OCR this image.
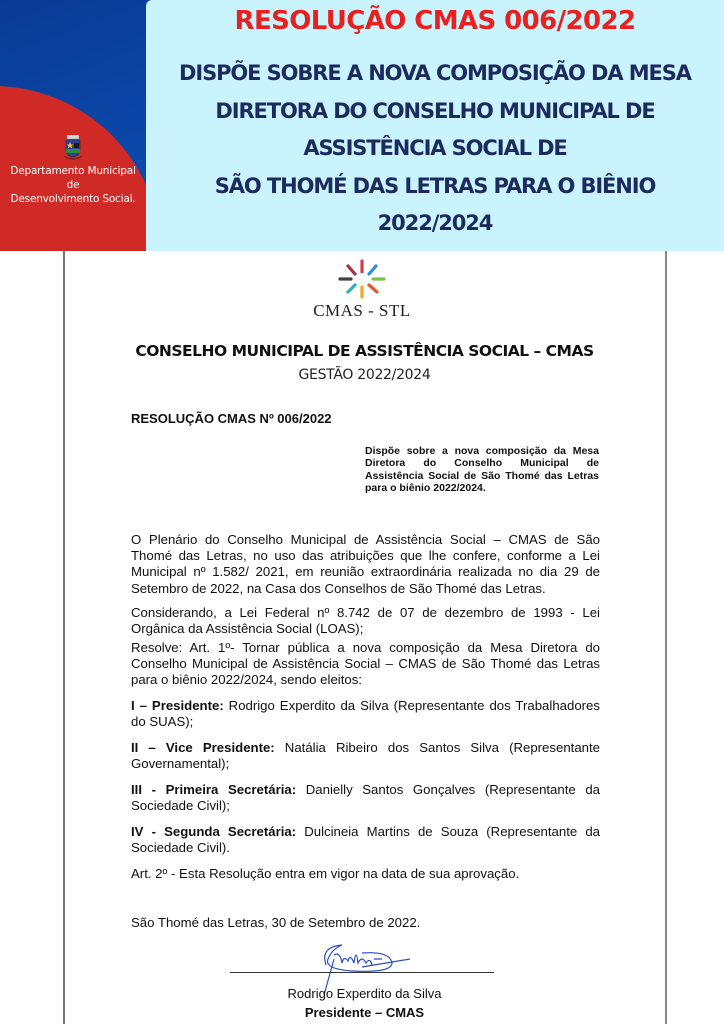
Departamento Municipal
de
Desenvolvimento Social.
RESOLUÇÃO CMAS 006/2022
DISPÕE SOBRE A NOVA COMPOSIÇÃO DA MESA
DIRETORA DO CONSELHO MUNICIPAL DE
ASSISTÊNCIA SOCIAL DE
SÃO THOMÉ DAS LETRAS PARA O BIÊNIO
2022/2024
CMAS - STL
CONSELHO MUNICIPAL DE ASSISTÊNCIA SOCIAL – CMAS
GESTÃO 2022/2024
RESOLUÇÃO CMAS Nº 006/2022
Dispõe sobre a nova composição da Mesa Diretora do Conselho Municipal de Assistência Social de São Thomé das Letras para o biênio 2022/2024.
O Plenário do Conselho Municipal de Assistência Social – CMAS de São Thomé das Letras, no uso das atribuições que lhe confere, conforme a Lei Municipal nº 1.582/ 2021, em reunião extraordinária realizada no dia 29 de Setembro de 2022, na Casa dos Conselhos de São Thomé das Letras.
Considerando, a Lei Federal nº 8.742 de 07 de dezembro de 1993 - Lei Orgânica da Assistência Social (LOAS);
Resolve: Art. 1º- Tornar pública a nova composição da Mesa Diretora do Conselho Municipal de Assistência Social – CMAS de São Thomé das Letras para o biênio 2022/2024, sendo eleitos:
I – Presidente: Rodrigo Experdito da Silva (Representante dos Trabalhadores do SUAS);
II – Vice Presidente: Natália Ribeiro dos Santos Silva (Representante Governamental);
III - Primeira Secretária: Danielly Santos Gonçalves (Representante da Sociedade Civil);
IV - Segunda Secretária: Dulcineia Martins de Souza (Representante da Sociedade Civil).
Art. 2º - Esta Resolução entra em vigor na data de sua aprovação.
São Thomé das Letras, 30 de Setembro de 2022.
Rodrigo Experdito da Silva
Presidente – CMAS
